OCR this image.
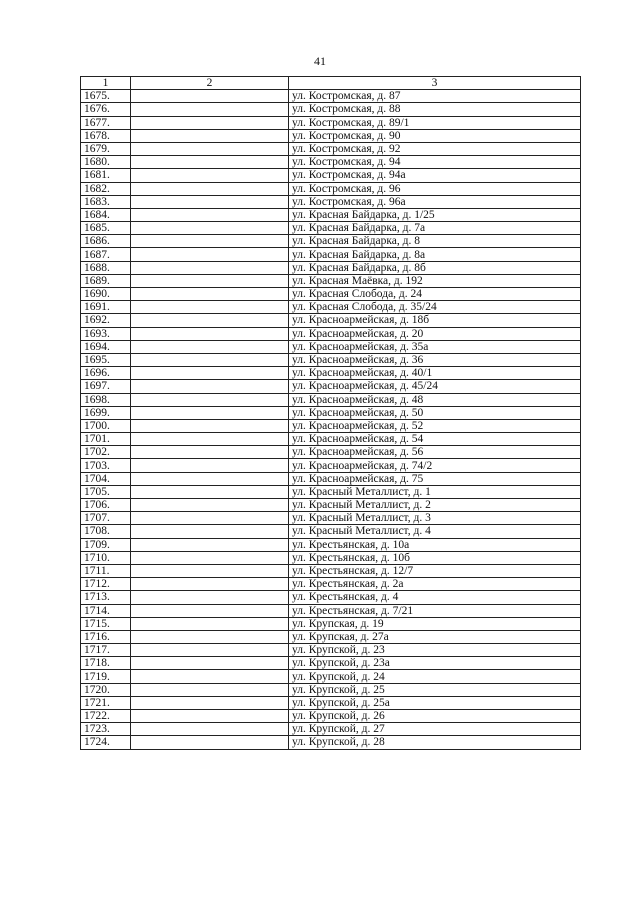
41
1	2	3
1675.		ул. Костромская, д. 87
1676.		ул. Костромская, д. 88
1677.		ул. Костромская, д. 89/1
1678.		ул. Костромская, д. 90
1679.		ул. Костромская, д. 92
1680.		ул. Костромская, д. 94
1681.		ул. Костромская, д. 94а
1682.		ул. Костромская, д. 96
1683.		ул. Костромская, д. 96а
1684.		ул. Красная Байдарка, д. 1/25
1685.		ул. Красная Байдарка, д. 7а
1686.		ул. Красная Байдарка, д. 8
1687.		ул. Красная Байдарка, д. 8а
1688.		ул. Красная Байдарка, д. 8б
1689.		ул. Красная Маёвка, д. 192
1690.		ул. Красная Слобода, д. 24
1691.		ул. Красная Слобода, д. 35/24
1692.		ул. Красноармейская, д. 18б
1693.		ул. Красноармейская, д. 20
1694.		ул. Красноармейская, д. 35а
1695.		ул. Красноармейская, д. 36
1696.		ул. Красноармейская, д. 40/1
1697.		ул. Красноармейская, д. 45/24
1698.		ул. Красноармейская, д. 48
1699.		ул. Красноармейская, д. 50
1700.		ул. Красноармейская, д. 52
1701.		ул. Красноармейская, д. 54
1702.		ул. Красноармейская, д. 56
1703.		ул. Красноармейская, д. 74/2
1704.		ул. Красноармейская, д. 75
1705.		ул. Красный Металлист, д. 1
1706.		ул. Красный Металлист, д. 2
1707.		ул. Красный Металлист, д. 3
1708.		ул. Красный Металлист, д. 4
1709.		ул. Крестьянская, д. 10а
1710.		ул. Крестьянская, д. 10б
1711.		ул. Крестьянская, д. 12/7
1712.		ул. Крестьянская, д. 2а
1713.		ул. Крестьянская, д. 4
1714.		ул. Крестьянская, д. 7/21
1715.		ул. Крупская, д. 19
1716.		ул. Крупская, д. 27а
1717.		ул. Крупской, д. 23
1718.		ул. Крупской, д. 23а
1719.		ул. Крупской, д. 24
1720.		ул. Крупской, д. 25
1721.		ул. Крупской, д. 25а
1722.		ул. Крупской, д. 26
1723.		ул. Крупской, д. 27
1724.		ул. Крупской, д. 28
